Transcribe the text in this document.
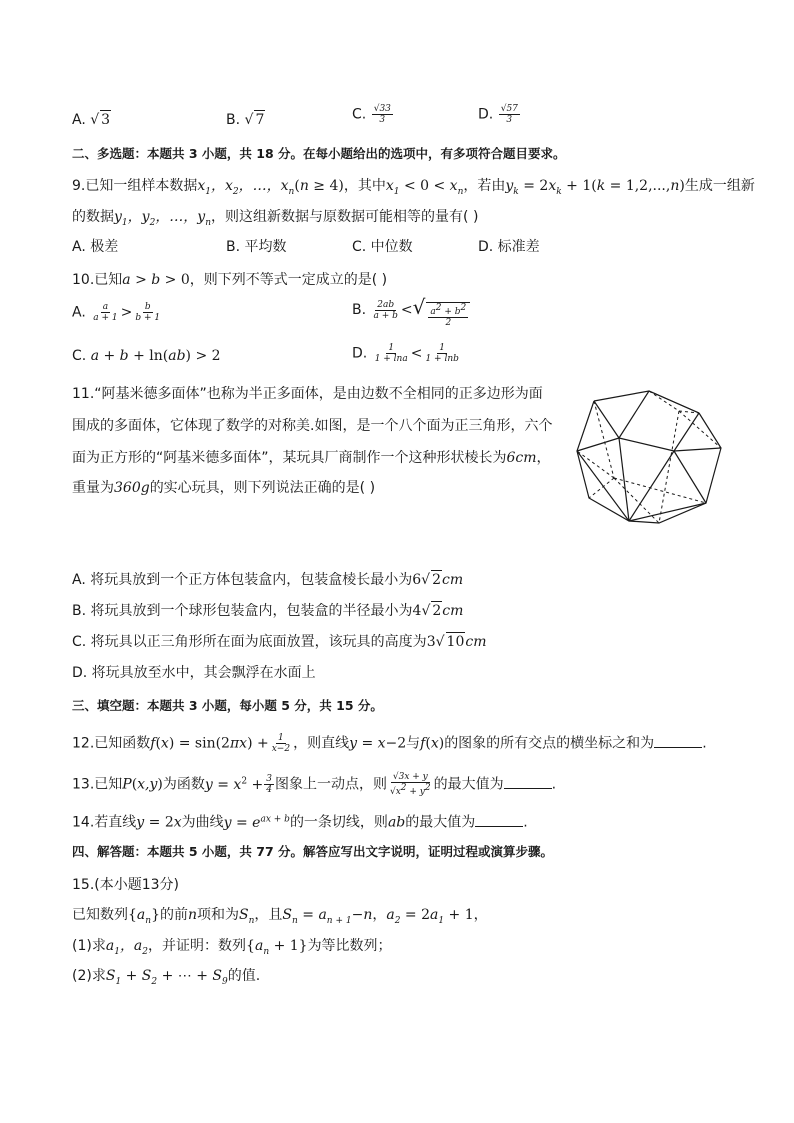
A. √ 3	B. √ 7	C. $\frac{√33}{3}$	D. $\frac{√57}{3}$
二、多选题：本题共 3 小题，共 18 分。在每小题给出的选项中，有多项符合题目要求。
9.已知一组样本数据$x_1$，$x_2$，…，$x_n(n \ge 4)$，其中$x_1 < 0 < x_n$，若由$y_k = 2x_k + 1(k = 1,2,...,n)$生成一组新
的数据$y_1$，$y_2$，…，$y_n$，则这组新数据与原数据可能相等的量有( )
A. 极差	B. 平均数	C. 中位数	D. 标准差
10.已知a > b > 0，则下列不等式一定成立的是( )
A. $\frac{a}{a + 1} > \frac{b}{b + 1}$	B. $\frac{2ab}{a + b}$ <√ $\frac{a^2 + b^2}{2}$
C. a + b + ln(ab) > 2	D. $\frac{1}{1 + \ln a} < \frac{1}{1 + \ln b}$
11.“阿基米德多面体”也称为半正多面体，是由边数不全相同的正多边形为面
围成的多面体，它体现了数学的对称美.如图，是一个八个面为正三角形，六个
面为正方形的“阿基米德多面体”，某玩具厂商制作一个这种形状棱长为6cm，
重量为360g的实心玩具，则下列说法正确的是( )
A. 将玩具放到一个正方体包装盒内，包装盒棱长最小为6√ 2cm
B. 将玩具放到一个球形包装盒内，包装盒的半径最小为4√ 2cm
C. 将玩具以正三角形所在面为底面放置，该玩具的高度为3√ 10cm
D. 将玩具放至水中，其会飘浮在水面上
三、填空题：本题共 3 小题，每小题 5 分，共 15 分。
12.已知函数$f(x) = \sin(2\pi x) + \frac{1}{x-2}$ ，则直线y = x−2与f(x)的图象的所有交点的横坐标之和为	.
13.已知P(x,y)为函数$y = x^2 + \frac{3}{4}$ 图象上一动点，则 $\frac{√3x + y}{√x^2 + y^2}$ 的最大值为	.
14.若直线y = 2x为曲线$y = e^{ax + b}$的一条切线，则ab的最大值为	.
四、解答题：本题共 5 小题，共 77 分。解答应写出文字说明，证明过程或演算步骤。
15.(本小题13分)
已知数列$\{a_n\}$的前n项和为$S_n$，且$S_n = a_{n + 1}-n$，$a_2 = 2a_1 + 1$，
(1)求$a_1$，$a_2$，并证明：数列$\{a_n + 1\}$为等比数列；
(2)求$S_1 + S_2$ + ⋯ + $S_9$的值.
